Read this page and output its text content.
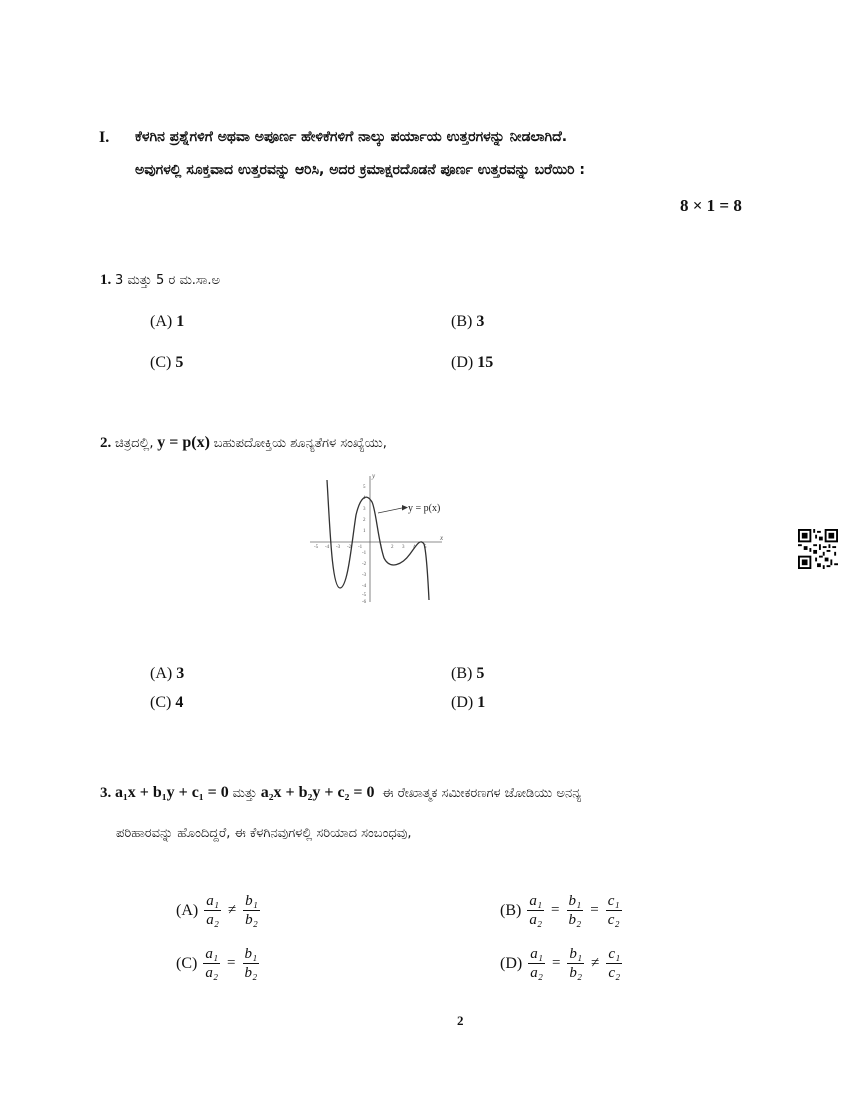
I. ಕೆಳಗಿನ ಪ್ರಶ್ನೆಗಳಿಗೆ ಅಥವಾ ಅಪೂರ್ಣ ಹೇಳಿಕೆಗಳಿಗೆ ನಾಲ್ಕು ಪರ್ಯಾಯ ಉತ್ತರಗಳನ್ನು ನೀಡಲಾಗಿದೆ.
ಅವುಗಳಲ್ಲಿ ಸೂಕ್ತವಾದ ಉತ್ತರವನ್ನು ಆರಿಸಿ, ಅದರ ಕ್ರಮಾಕ್ಷರದೊಡನೆ ಪೂರ್ಣ ಉತ್ತರವನ್ನು ಬರೆಯಿರಿ :
8 × 1 = 8
1. 3 ಮತ್ತು 5 ರ ಮ.ಸಾ.ಅ
(A) 1	(B) 3
(C) 5	(D) 15
2. ಚಿತ್ರದಲ್ಲಿ, y = p(x) ಬಹುಪದೋಕ್ತಿಯ ಶೂನ್ಯತೆಗಳ ಸಂಖ್ಯೆಯು,
x
y
-5 -4 -3 -2 -1	1 2 3 4 5
5
4
3
2
1
-1
-2
-3
-4
-5
-6
y = p(x)
(A) 3	(B) 5
(C) 4	(D) 1
3. a₁x + b₁y + c₁ = 0 ಮತ್ತು a₂x + b₂y + c₂ = 0 ಈ ರೇಖಾತ್ಮಕ ಸಮೀಕರಣಗಳ ಜೋಡಿಯು ಅನನ್ಯ
ಪರಿಹಾರವನ್ನು ಹೊಂದಿದ್ದರೆ, ಈ ಕೆಳಗಿನವುಗಳಲ್ಲಿ ಸರಿಯಾದ ಸಂಬಂಧವು,
$(A) \frac{\text{a₁}}{\text{a₂}} \ne \frac{\text{b₁}}{\text{b₂}}$	$(B) \frac{\text{a₁}}{\text{a₂}} = \frac{\text{b₁}}{\text{b₂}} = \frac{\text{c₁}}{\text{c₂}}$
$(C) \frac{\text{a₁}}{\text{a₂}} = \frac{\text{b₁}}{\text{b₂}}$	$(D) \frac{\text{a₁}}{\text{a₂}} = \frac{\text{b₁}}{\text{b₂}} \ne \frac{\text{c₁}}{\text{c₂}}$
2
